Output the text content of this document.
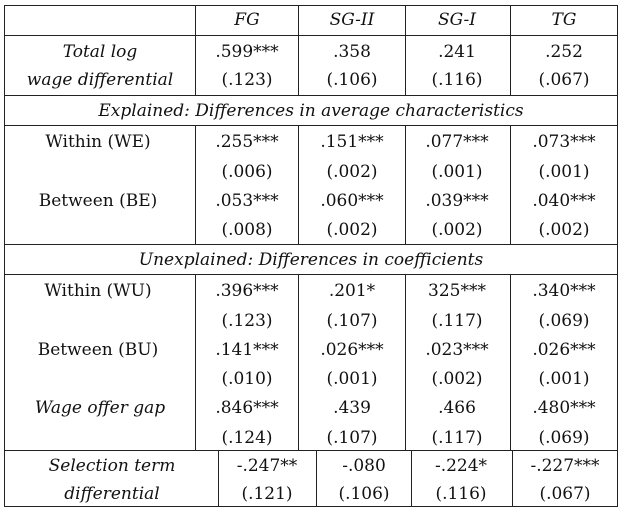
FG	SG-II	SG-I	TG
Total log
wage differential
.599***	.358	.241	.252
(.123)	(.106)	(.116)	(.067)
Explained: Differences in average characteristics
Within (WE)	.255*** .151*** .077***	.073***
(.006)	(.002)	(.001)	(.001)
Between (BE)	.053*** .060*** .039***	.040***
(.008)	(.002)	(.002)	(.002)
Unexplained: Differences in coefficients
Within (WU)	.396***	.201*	325***	.340***
(.123)	(.107)	(.117)	(.069)
Between (BU)	.141*** .026*** .023***	.026***
(.010)	(.001)	(.002)	(.001)
Wage offer gap	.846***	.439	.466	.480***
(.124)	(.107)	(.117)	(.069)
Selection term
differential
-.247**	-.080	-.224*	-.227***
(.121)	(.106)	(.116)	(.067)
